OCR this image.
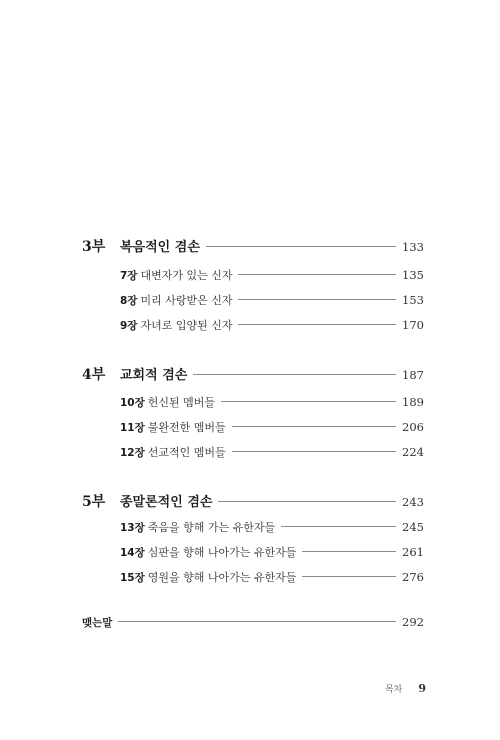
3부	복음적인 겸손	133
7장 대변자가 있는 신자	135
8장 미리 사랑받은 신자	153
9장 자녀로 입양된 신자	170
4부	교회적 겸손	187
10장 헌신된 멤버들	189
11장 불완전한 멤버들	206
12장 선교적인 멤버들	224
5부	종말론적인 겸손	243
13장 죽음을 향해 가는 유한자들	245
14장 심판을 향해 나아가는 유한자들	261
15장 영원을 향해 나아가는 유한자들	276
맺는말	292
목차 9
